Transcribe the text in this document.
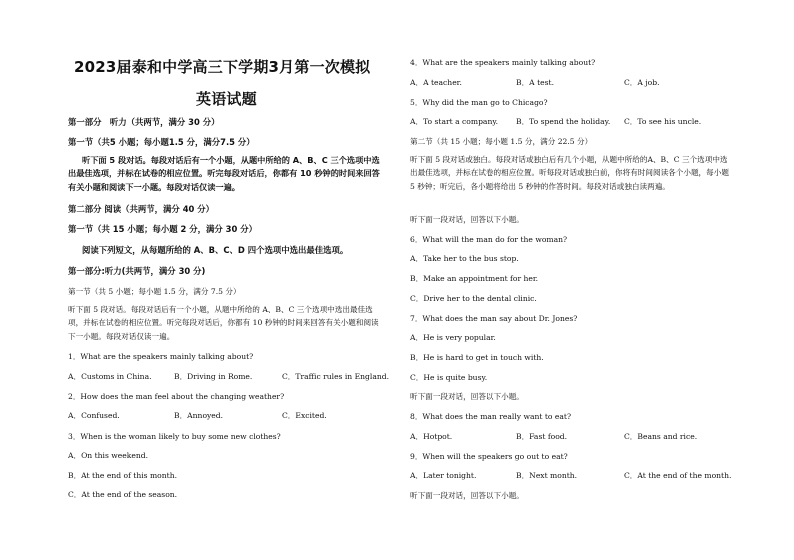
2023届泰和中学高三下学期3月第一次模拟
英语试题
第一部分　听力（共两节，满分 30 分）
第一节（共5 小题；每小题1.5 分，满分7.5 分）
听下面 5 段对话。每段对话后有一个小题，从题中所给的 A、B、C 三个选项中选出最佳选项，并标在试卷的相应位置。听完每段对话后，你都有 10 秒钟的时间来回答有关小题和阅读下一小题。每段对话仅读一遍。
第二部分 阅读（共两节，满分 40 分）
第一节（共 15 小题；每小题 2 分，满分 30 分）
阅读下列短文，从每题所给的 A、B、C、D 四个选项中选出最佳选项。
第一部分:听力(共两节，满分 30 分)
第一节（共 5 小题；每小题 1.5 分，满分 7.5 分）
听下面 5 段对话。每段对话后有一个小题，从题中所给的 A、B、C 三个选项中选出最佳选项，并标在试卷的相应位置。听完每段对话后，你都有 10 秒钟的时间来回答有关小题和阅读下一小题。每段对话仅读一遍。
1．What are the speakers mainly talking about?
A．Customs in China.	B．Driving in Rome.	C．Traffic rules in England.
2．How does the man feel about the changing weather?
A．Confused.	B．Annoyed.	C．Excited.
3．When is the woman likely to buy some new clothes?
A．On this weekend.
B．At the end of this month.
C．At the end of the season.
4．What are the speakers mainly talking about?
A．A teacher.	B．A test.	C．A job.
5．Why did the man go to Chicago?
A．To start a company. B．To spend the holiday. C．To see his uncle.
第二节（共 15 小题；每小题 1.5 分，满分 22.5 分）
听下面 5 段对话或独白。每段对话或独白后有几个小题，从题中所给的A、B、C 三个选项中选出最佳选项，并标在试卷的相应位置。听每段对话或独白前，你将有时间阅读各个小题，每小题 5 秒钟；听完后，各小题将给出 5 秒钟的作答时间。每段对话或独白读两遍。
听下面一段对话，回答以下小题。
6．What will the man do for the woman?
A．Take her to the bus stop.
B．Make an appointment for her.
C．Drive her to the dental clinic.
7．What does the man say about Dr. Jones?
A．He is very popular.
B．He is hard to get in touch with.
C．He is quite busy.
听下面一段对话，回答以下小题。
8．What does the man really want to eat?
A．Hotpot.	B．Fast food.	C．Beans and rice.
9．When will the speakers go out to eat?
A．Later tonight.	B．Next month.	C．At the end of the month.
听下面一段对话，回答以下小题。
